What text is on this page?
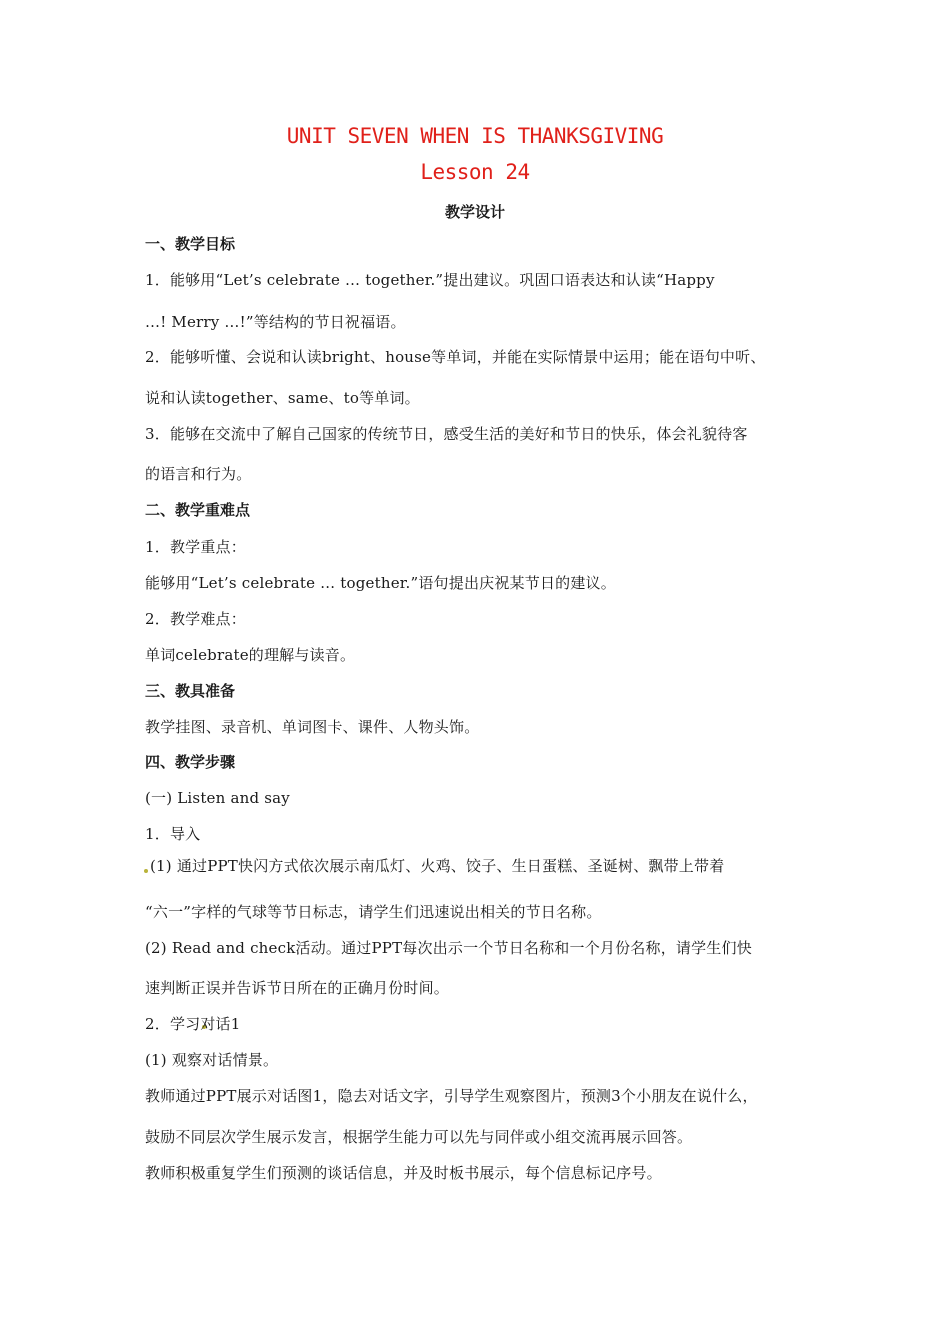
UNIT SEVEN WHEN IS THANKSGIVING
Lesson 24
教学设计
一、教学目标
1．能够用“Let’s celebrate … together.”提出建议。巩固口语表达和认读“Happy
…! Merry …!”等结构的节日祝福语。
2．能够听懂、会说和认读bright、house等单词，并能在实际情景中运用；能在语句中听、
说和认读together、same、to等单词。
3．能够在交流中了解自己国家的传统节日，感受生活的美好和节日的快乐，体会礼貌待客
的语言和行为。
二、教学重难点
1．教学重点：
能够用“Let’s celebrate … together.”语句提出庆祝某节日的建议。
2．教学难点：
单词celebrate的理解与读音。
三、教具准备
教学挂图、录音机、单词图卡、课件、人物头饰。
四、教学步骤
(一) Listen and say
1．导入
(1) 通过PPT快闪方式依次展示南瓜灯、火鸡、饺子、生日蛋糕、圣诞树、飘带上带着
“六一”字样的气球等节日标志，请学生们迅速说出相关的节日名称。
(2) Read and check活动。通过PPT每次出示一个节日名称和一个月份名称，请学生们快
速判断正误并告诉节日所在的正确月份时间。
2．学习对话1
(1) 观察对话情景。
教师通过PPT展示对话图1，隐去对话文字，引导学生观察图片，预测3个小朋友在说什么，
鼓励不同层次学生展示发言，根据学生能力可以先与同伴或小组交流再展示回答。
教师积极重复学生们预测的谈话信息，并及时板书展示，每个信息标记序号。
